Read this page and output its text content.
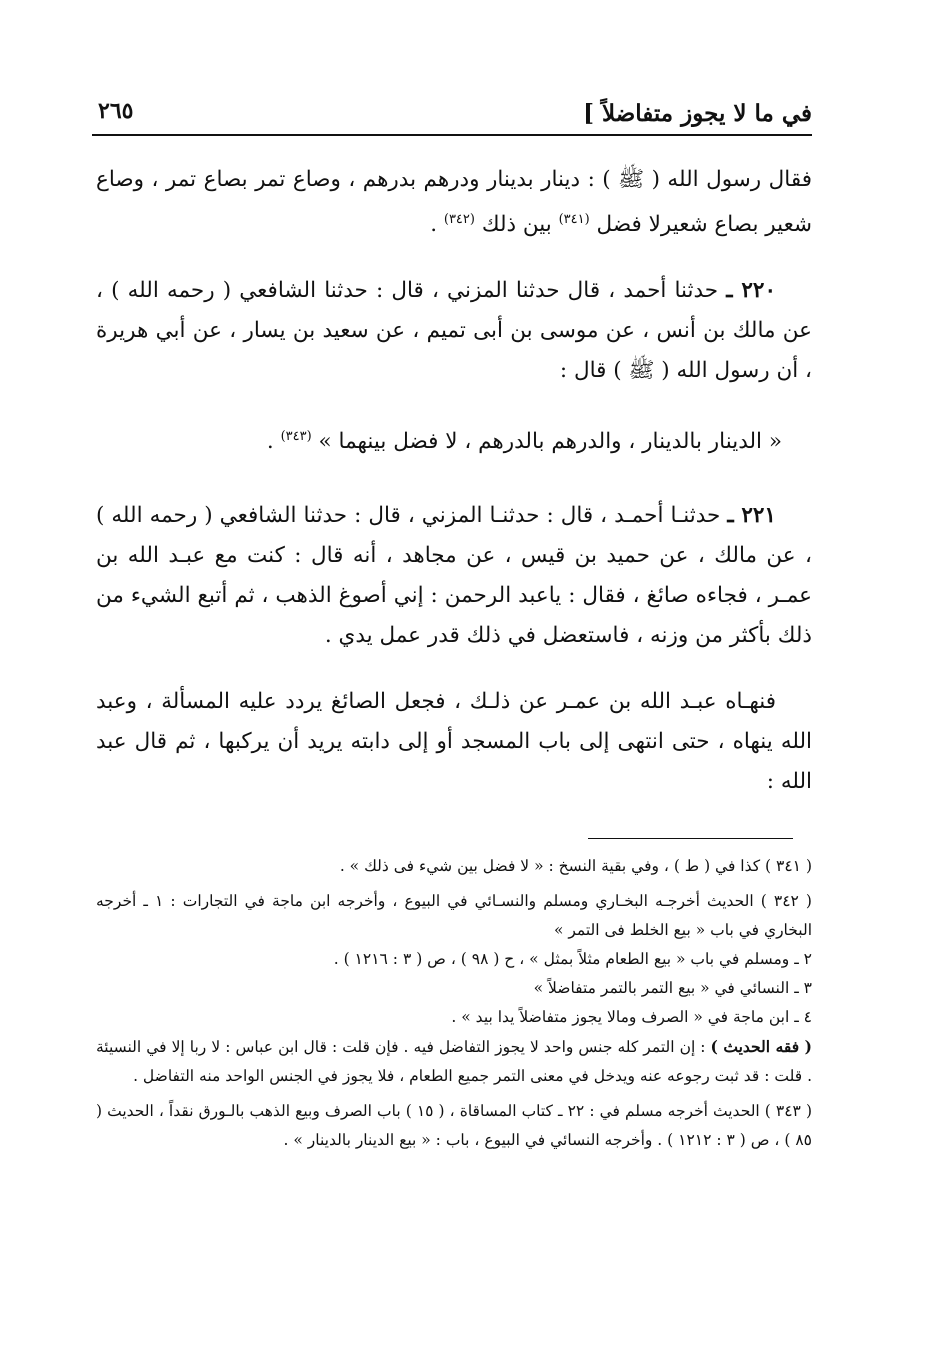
في ما لا يجوز متفاضلاً ]
٢٦٥

فقال رسول الله ( ﷺ ) : دينار بدينار ودرهم بدرهم ، وصاع تمر بصاع تمر ، وصاع شعير بصاع شعيرلا فضل $^{(٣٤١)}$ بين ذلك $^{(٣٤٢)}$ .

٢٢٠ ـ حدثنا أحمد ، قال حدثنا المزني ، قال : حدثنا الشافعي ( رحمه الله ) ، عن مالك بن أنس ، عن موسى بن أبى تميم ، عن سعيد بن يسار ، عن أبي هريرة ، أن رسول الله ( ﷺ ) قال :

« الدينار بالدينار ، والدرهم بالدرهم ، لا فضل بينهما » $^{(٣٤٣)}$ .

٢٢١ ـ حدثنـا أحمـد ، قال : حدثنـا المزني ، قال : حدثنا الشافعي ( رحمه الله ) ، عن مالك ، عن حميد بن قيس ، عن مجاهد ، أنه قال : كنت مع عبـد الله بن عمـر ، فجاءه صائغ ، فقال : ياعبد الرحمن : إني أصوغ الذهب ، ثم أتبع الشيء من ذلك بأكثر من وزنه ، فاستعضل في ذلك قدر عمل يدي .

فنهـاه عبـد الله بن عمـر عن ذلـك ، فجعل الصائغ يردد عليه المسألة ، وعبد الله ينهاه ، حتى انتهى إلى باب المسجد أو إلى دابته يريد أن يركبها ، ثم قال عبد الله :

( ٣٤١ ) كذا في ( ط ) ، وفي بقية النسخ : « لا فضل بين شيء فى ذلك » .

( ٣٤٢ ) الحديث أخرجـه البخـاري ومسلم والنسـائي في البيوع ، وأخرجه ابن ماجة في التجارات : ١ ـ أخرجه البخاري في باب « بيع الخلط فى التمر »

٢ ـ ومسلم في باب « بيع الطعام مثلاً بمثل » ، ح ( ٩٨ ) ، ص ( ٣ : ١٢١٦ ) .

٣ ـ النسائي في « بيع التمر بالتمر متفاضلاً »

٤ ـ ابن ماجة في « الصرف ومالا يجوز متفاضلاً يدا بيد » .

( فقه الحديث ) : إن التمر كله جنس واحد لا يجوز التفاضل فيه . فإن قلت : قال ابن عباس : لا ربا إلا في النسيئة . قلت : قد ثبت رجوعه عنه ويدخل في معنى التمر جميع الطعام ، فلا يجوز في الجنس الواحد منه التفاضل .

( ٣٤٣ ) الحديث أخرجه مسلم في : ٢٢ ـ كتاب المساقاة ، ( ١٥ ) باب الصرف وبيع الذهب بالـورق نقداً ، الحديث ( ٨٥ ) ، ص ( ٣ : ١٢١٢ ) . وأخرجه النسائي في البيوع ، باب : « بيع الدينار بالدينار » .
